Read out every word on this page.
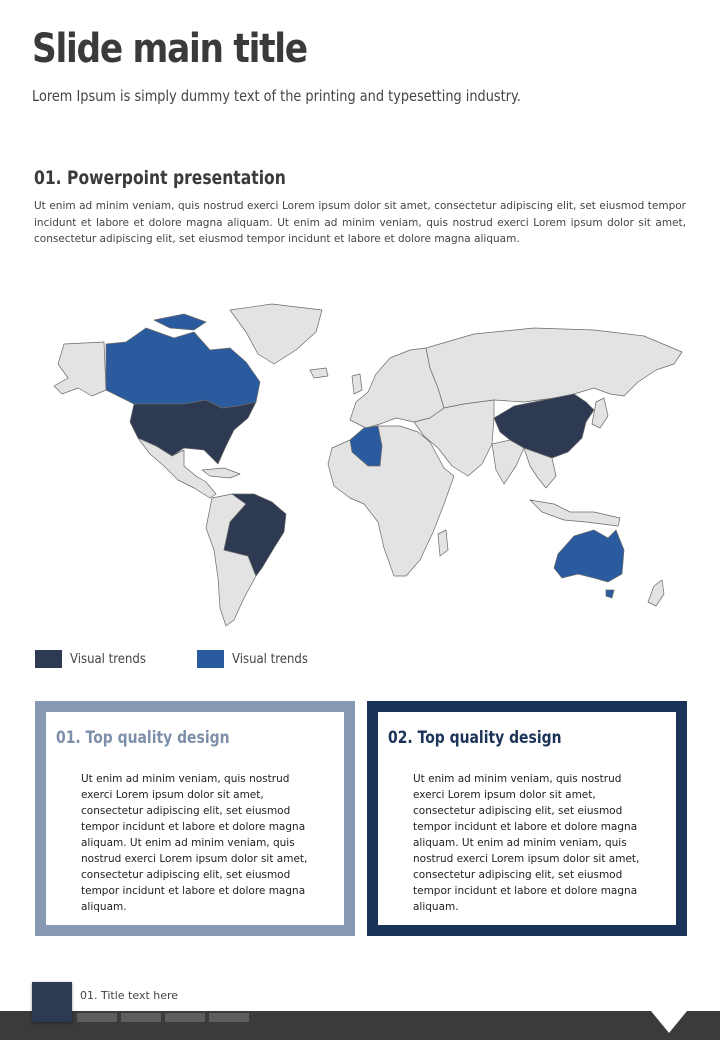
Slide main title

Lorem Ipsum is simply dummy text of the printing and typesetting industry.

01. Powerpoint presentation

Ut enim ad minim veniam, quis nostrud exerci Lorem ipsum dolor sit amet, consectetur adipiscing elit, set eiusmod tempor incidunt et labore et dolore magna aliquam. Ut enim ad minim veniam, quis nostrud exerci Lorem ipsum dolor sit amet, consectetur adipiscing elit, set eiusmod tempor incidunt et labore et dolore magna aliquam.

Visual trends	Visual trends
01. Top quality design

Ut enim ad minim veniam, quis nostrud exerci Lorem ipsum dolor sit amet, consectetur adipiscing elit, set eiusmod tempor incidunt et labore et dolore magna aliquam. Ut enim ad minim veniam, quis nostrud exerci Lorem ipsum dolor sit amet, consectetur adipiscing elit, set eiusmod tempor incidunt et labore et dolore magna aliquam.

02. Top quality design

Ut enim ad minim veniam, quis nostrud exerci Lorem ipsum dolor sit amet, consectetur adipiscing elit, set eiusmod tempor incidunt et labore et dolore magna aliquam. Ut enim ad minim veniam, quis nostrud exerci Lorem ipsum dolor sit amet, consectetur adipiscing elit, set eiusmod tempor incidunt et labore et dolore magna aliquam.

01. Title text here
